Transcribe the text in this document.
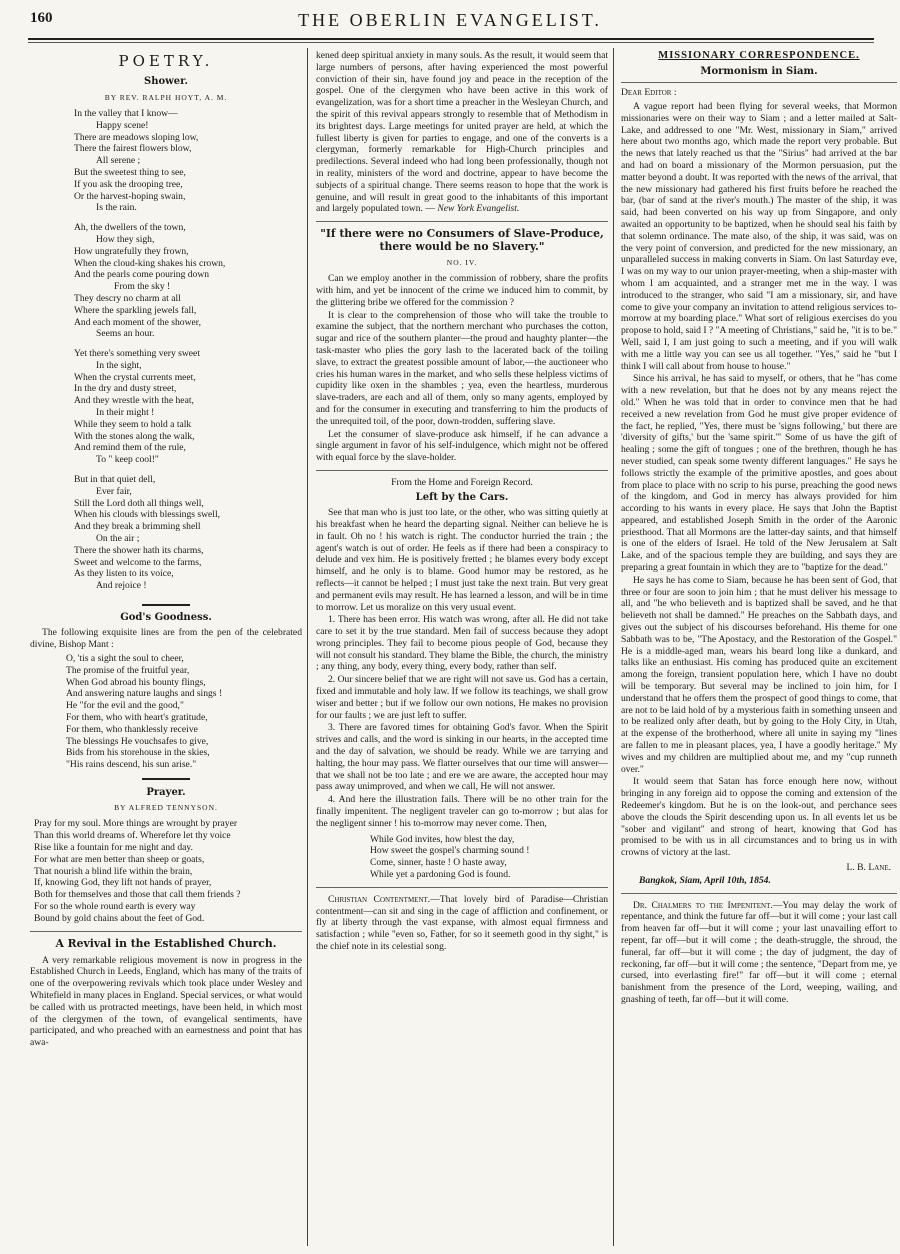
160	THE OBERLIN EVANGELIST.
POETRY.
Shower.
BY REV. RALPH HOYT, A. M.
In the valley that I know—
Happy scene!
There are meadows sloping low,
There the fairest flowers blow,
All serene ;
But the sweetest thing to see,
If you ask the drooping tree,
Or the harvest-hoping swain,
Is the rain.
Ah, the dwellers of the town,
How they sigh,
How ungratefully they frown,
When the cloud-king shakes his crown,
And the pearls come pouring down
From the sky !
They descry no charm at all
Where the sparkling jewels fall,
And each moment of the shower,
Seems an hour.
Yet there's something very sweet
In the sight,
When the crystal currents meet,
In the dry and dusty street,
And they wrestle with the heat,
In their might !
While they seem to hold a talk
With the stones along the walk,
And remind them of the rule,
To " keep cool!"
But in that quiet dell,
Ever fair,
Still the Lord doth all things well,
When his clouds with blessings swell,
And they break a brimming shell
On the air ;
There the shower hath its charms,
Sweet and welcome to the farms,
As they listen to its voice,
And rejoice !
God's Goodness.
The following exquisite lines are from the pen of the celebrated divine, Bishop Mant :
O, 'tis a sight the soul to cheer,
The promise of the fruitful year,
When God abroad his bounty flings,
And answering nature laughs and sings !
He "for the evil and the good,"
For them, who with heart's gratitude,
For them, who thanklessly receive
The blessings He vouchsafes to give,
Bids from his storehouse in the skies,
"His rains descend, his sun arise."
Prayer.
BY ALFRED TENNYSON.
Pray for my soul. More things are wrought by prayer
Than this world dreams of. Wherefore let thy voice
Rise like a fountain for me night and day.
For what are men better than sheep or goats,
That nourish a blind life within the brain,
If, knowing God, they lift not hands of prayer,
Both for themselves and those that call them friends ?
For so the whole round earth is every way
Bound by gold chains about the feet of God.
A Revival in the Established Church.
A very remarkable religious movement is now in progress in the Established Church in Leeds, England, which has many of the traits of one of the overpowering revivals which took place under Wesley and Whitefield in many places in England. Special services, or what would be called with us protracted meetings, have been held, in which most of the clergymen of the town, of evangelical sentiments, have participated, and who preached with an earnestness and point that has awa-
kened deep spiritual anxiety in many souls. As the result, it would seem that large numbers of persons, after having experienced the most powerful conviction of their sin, have found joy and peace in the reception of the gospel. One of the clergymen who have been active in this work of evangelization, was for a short time a preacher in the Wesleyan Church, and the spirit of this revival appears strongly to resemble that of Methodism in its brightest days. Large meetings for united prayer are held, at which the fullest liberty is given for parties to engage, and one of the converts is a clergyman, formerly remarkable for High-Church principles and predilections. Several indeed who had long been professionally, though not in reality, ministers of the word and doctrine, appear to have become the subjects of a spiritual change. There seems reason to hope that the work is genuine, and will result in great good to the inhabitants of this important and largely populated town. — New York Evangelist.
"If there were no Consumers of Slave-Produce, there would be no Slavery."
NO. IV.
Can we employ another in the commission of robbery, share the profits with him, and yet be innocent of the crime we induced him to commit, by the glittering bribe we offered for the commission ?
It is clear to the comprehension of those who will take the trouble to examine the subject, that the northern merchant who purchases the cotton, sugar and rice of the southern planter—the proud and haughty planter—the task-master who plies the gory lash to the lacerated back of the toiling slave, to extract the greatest possible amount of labor,—the auctioneer who cries his human wares in the market, and who sells these helpless victims of cupidity like oxen in the shambles ; yea, even the heartless, murderous slave-traders, are each and all of them, only so many agents, employed by and for the consumer in executing and transferring to him the products of the unrequited toil, of the poor, down-trodden, suffering slave.
Let the consumer of slave-produce ask himself, if he can advance a single argument in favor of his self-indulgence, which might not be offered with equal force by the slave-holder.
From the Home and Foreign Record.
Left by the Cars.
See that man who is just too late, or the other, who was sitting quietly at his breakfast when he heard the departing signal. Neither can believe he is in fault. Oh no ! his watch is right. The conductor hurried the train ; the agent's watch is out of order. He feels as if there had been a conspiracy to delude and vex him. He is positively fretted ; he blames every body except himself, and he only is to blame. Good humor may be restored, as he reflects—it cannot be helped ; I must just take the next train. But very great and permanent evils may result. He has learned a lesson, and will be in time to morrow. Let us moralize on this very usual event.
1. There has been error. His watch was wrong, after all. He did not take care to set it by the true standard. Men fail of success because they adopt wrong principles. They fail to become pious people of God, because they will not consult his standard. They blame the Bible, the church, the ministry ; any thing, any body, every thing, every body, rather than self.
2. Our sincere belief that we are right will not save us. God has a certain, fixed and immutable and holy law. If we follow its teachings, we shall grow wiser and better ; but if we follow our own notions, He makes no provision for our faults ; we are just left to suffer.
3. There are favored times for obtaining God's favor. When the Spirit strives and calls, and the word is sinking in our hearts, in the accepted time and the day of salvation, we should be ready. While we are tarrying and halting, the hour may pass. We flatter ourselves that our time will answer—that we shall not be too late ; and ere we are aware, the accepted hour may pass away unimproved, and when we call, He will not answer.
4. And here the illustration fails. There will be no other train for the finally impenitent. The negligent traveler can go to-morrow ; but alas for the negligent sinner ! his to-morrow may never come. Then,
While God invites, how blest the day,
How sweet the gospel's charming sound !
Come, sinner, haste ! O haste away,
While yet a pardoning God is found.
Christian Contentment.—That lovely bird of Paradise—Christian contentment—can sit and sing in the cage of affliction and confinement, or fly at liberty through the vast expanse, with almost equal firmness and satisfaction ; while "even so, Father, for so it seemeth good in thy sight," is the chief note in its celestial song.
MISSIONARY CORRESPONDENCE.
Mormonism in Siam.
Dear Editor :
A vague report had been flying for several weeks, that Mormon missionaries were on their way to Siam ; and a letter mailed at Salt-Lake, and addressed to one "Mr. West, missionary in Siam," arrived here about two months ago, which made the report very probable. But the news that lately reached us that the "Sirius" had arrived at the bar and had on board a missionary of the Mormon persuasion, put the matter beyond a doubt. It was reported with the news of the arrival, that the new missionary had gathered his first fruits before he reached the bar, (bar of sand at the river's mouth.) The master of the ship, it was said, had been converted on his way up from Singapore, and only awaited an opportunity to be baptized, when he should seal his faith by that solemn ordinance. The mate also, of the ship, it was said, was on the very point of conversion, and predicted for the new missionary, an unparalleled success in making converts in Siam. On last Saturday eve, I was on my way to our union prayer-meeting, when a ship-master with whom I am acquainted, and a stranger met me in the way. I was introduced to the stranger, who said "I am a missionary, sir, and have come to give your company an invitation to attend religious services to-morrow at my boarding place." What sort of religious exercises do you propose to hold, said I ? "A meeting of Christians," said he, "it is to be." Well, said I, I am just going to such a meeting, and if you will walk with me a little way you can see us all together. "Yes," said he "but I think I will call about from house to house."
Since his arrival, he has said to myself, or others, that he "has come with a new revelation, but that he does not by any means reject the old." When he was told that in order to convince men that he had received a new revelation from God he must give proper evidence of the fact, he replied, "Yes, there must be 'signs following,' but there are 'diversity of gifts,' but the 'same spirit.'" Some of us have the gift of healing ; some the gift of tongues ; one of the brethren, though he has never studied, can speak some twenty different languages." He says he follows strictly the example of the primitive apostles, and goes about from place to place with no scrip to his purse, preaching the good news of the kingdom, and God in mercy has always provided for him according to his wants in every place. He says that John the Baptist appeared, and established Joseph Smith in the order of the Aaronic priesthood. That all Mormons are the latter-day saints, and that himself is one of the elders of Israel. He told of the New Jerusalem at Salt Lake, and of the spacious temple they are building, and says they are preparing a great fountain in which they are to "baptize for the dead."
He says he has come to Siam, because he has been sent of God, that three or four are soon to join him ; that he must deliver his message to all, and "he who believeth and is baptized shall be saved, and he that believeth not shall be damned." He preaches on the Sabbath days, and gives out the subject of his discourses beforehand. His theme for one Sabbath was to be, "The Apostacy, and the Restoration of the Gospel." He is a middle-aged man, wears his beard long like a dunkard, and talks like an enthusiast. His coming has produced quite an excitement among the foreign, transient population here, which I have no doubt will be temporary. But several may be inclined to join him, for I understand that he offers them the prospect of good things to come, that are not to be laid hold of by a mysterious faith in something unseen and to be realized only after death, but by going to the Holy City, in Utah, at the expense of the brotherhood, where all unite in saying my "lines are fallen to me in pleasant places, yea, I have a goodly heritage." My wives and my children are multiplied about me, and my "cup runneth over."
It would seem that Satan has force enough here now, without bringing in any foreign aid to oppose the coming and extension of the Redeemer's kingdom. But he is on the look-out, and perchance sees above the clouds the Spirit descending upon us. In all events let us be "sober and vigilant" and strong of heart, knowing that God has promised to be with us in all circumstances and to bring us in with crowns of victory at the last.
L. B. Lane.
Bangkok, Siam, April 10th, 1854.
Dr. Chalmers to the Impenitent.—You may delay the work of repentance, and think the future far off—but it will come ; your last call from heaven far off—but it will come ; your last unavailing effort to repent, far off—but it will come ; the death-struggle, the shroud, the funeral, far off—but it will come ; the day of judgment, the day of reckoning, far off—but it will come ; the sentence, "Depart from me, ye cursed, into everlasting fire!" far off—but it will come ; eternal banishment from the presence of the Lord, weeping, wailing, and gnashing of teeth, far off—but it will come.
